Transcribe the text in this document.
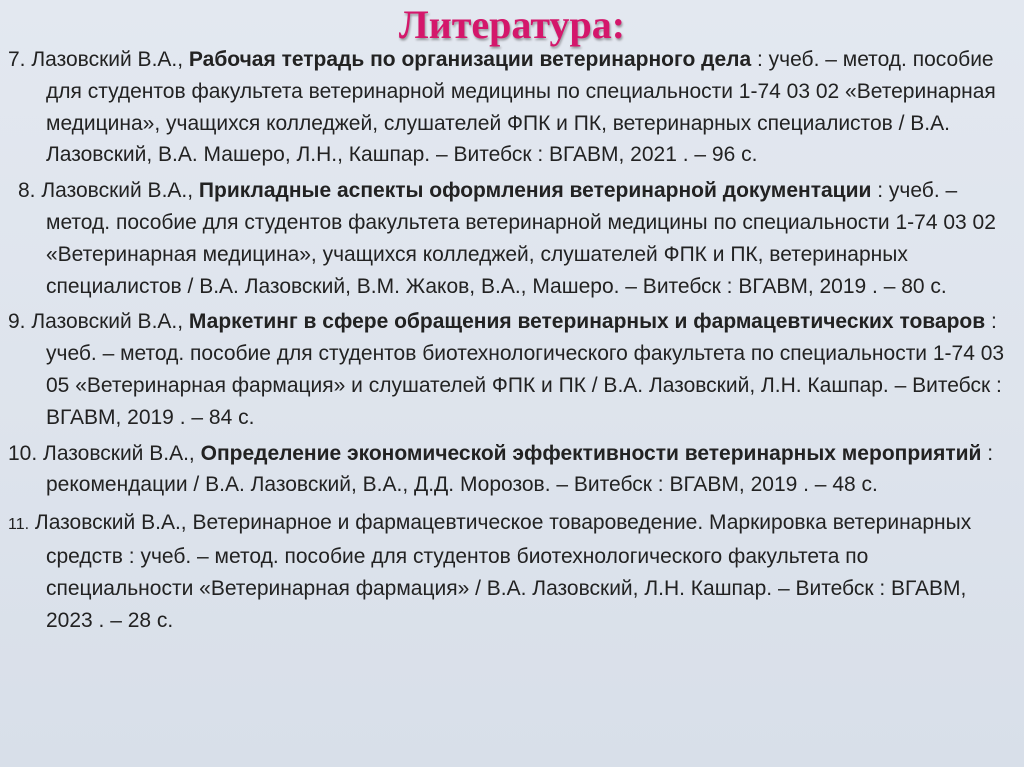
Литература:
7. Лазовский В.А., Рабочая тетрадь по организации ветеринарного дела : учеб. – метод. пособие для студентов факультета ветеринарной медицины по специальности 1-74 03 02 «Ветеринарная медицина», учащихся колледжей, слушателей ФПК и ПК, ветеринарных специалистов / В.А. Лазовский, В.А. Машеро, Л.Н., Кашпар. – Витебск : ВГАВМ, 2021 . – 96 с.
8. Лазовский В.А., Прикладные аспекты оформления ветеринарной документации : учеб. – метод. пособие для студентов факультета ветеринарной медицины по специальности 1-74 03 02 «Ветеринарная медицина», учащихся колледжей, слушателей ФПК и ПК, ветеринарных специалистов / В.А. Лазовский, В.М. Жаков, В.А., Машеро. – Витебск : ВГАВМ, 2019 . – 80 с.
9. Лазовский В.А., Маркетинг в сфере обращения ветеринарных и фармацевтических товаров : учеб. – метод. пособие для студентов биотехнологического факультета по специальности 1-74 03 05 «Ветеринарная фармация» и слушателей ФПК и ПК / В.А. Лазовский, Л.Н. Кашпар. – Витебск : ВГАВМ, 2019 . – 84 с.
10. Лазовский В.А., Определение экономической эффективности ветеринарных мероприятий : рекомендации / В.А. Лазовский, В.А., Д.Д. Морозов. – Витебск : ВГАВМ, 2019 . – 48 с.
11. Лазовский В.А., Ветеринарное и фармацевтическое товароведение. Маркировка ветеринарных средств : учеб. – метод. пособие для студентов биотехнологического факультета по специальности «Ветеринарная фармация» / В.А. Лазовский, Л.Н. Кашпар. – Витебск : ВГАВМ, 2023 . – 28 с.
